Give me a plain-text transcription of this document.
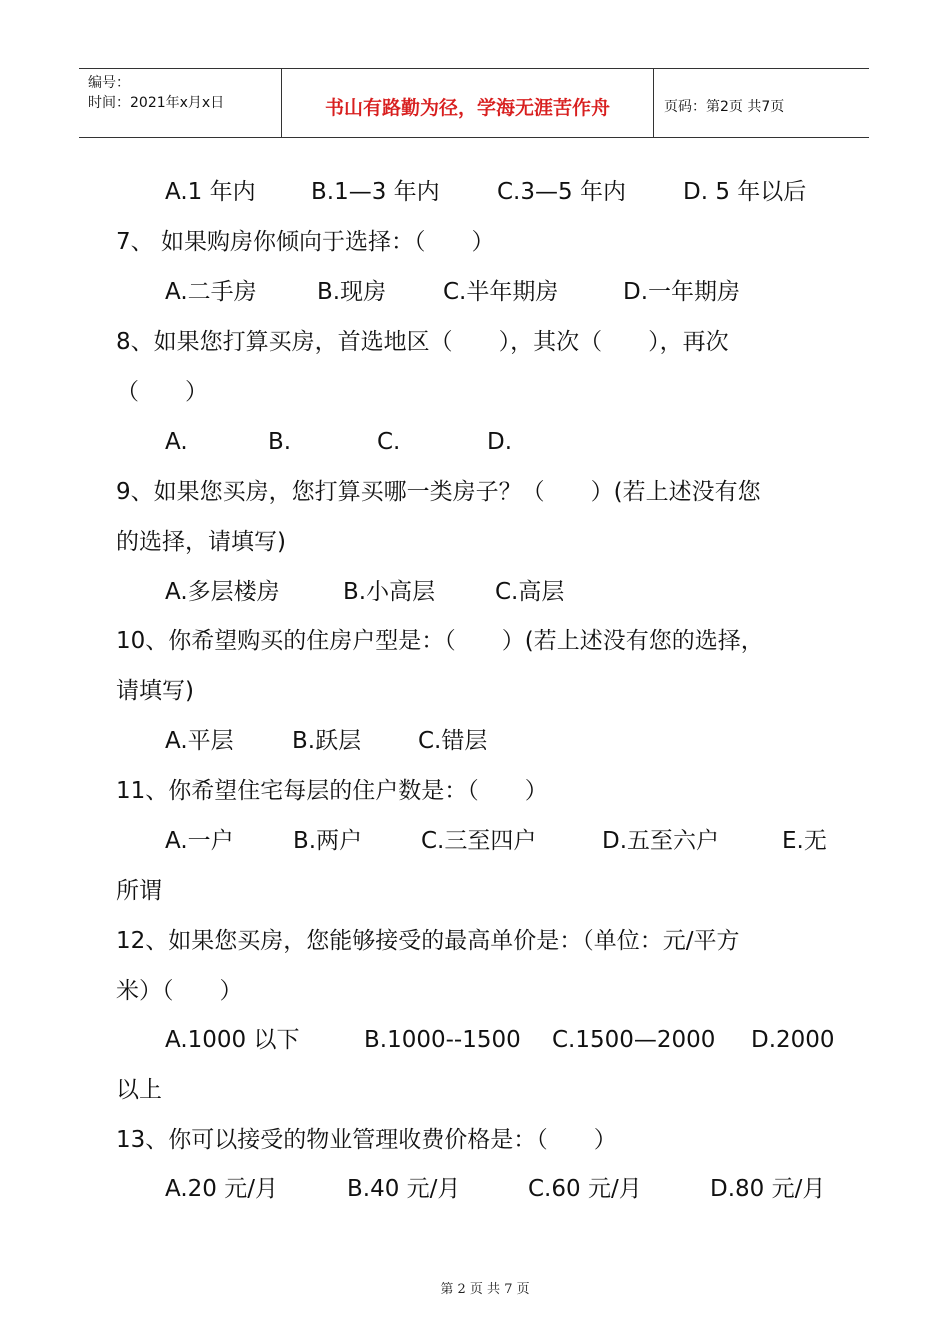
编号：
时间：2021年x月x日	书山有路勤为径，学海无涯苦作舟	页码：第2页 共7页
A.1 年内 B.1—3 年内 C.3—5 年内 D. 5 年以后
7、 如果购房你倾向于选择：（　　）
A.二手房	B.现房 C.半年期房	D.一年期房
8、如果您打算买房，首选地区（　　），其次（　　），再次
（　　）
A.	B.	C.	D.
9、如果您买房，您打算买哪一类房子？（　　）(若上述没有您
的选择，请填写)
A.多层楼房	B.小高层	C.高层
10、你希望购买的住房户型是：（　　）(若上述没有您的选择，
请填写)
A.平层	B.跃层 C.错层
11、你希望住宅每层的住户数是：（　　）
A.一户	B.两户	C.三至四户	D.五至六户	E.无
所谓
12、如果您买房，您能够接受的最高单价是：（单位：元/平方
米）（　　）
A.1000 以下	B.1000--1500 C.1500—2000 D.2000
以上
13、你可以接受的物业管理收费价格是：（　　）
A.20 元/月	B.40 元/月	C.60 元/月	D.80 元/月
第 2 页 共 7 页
